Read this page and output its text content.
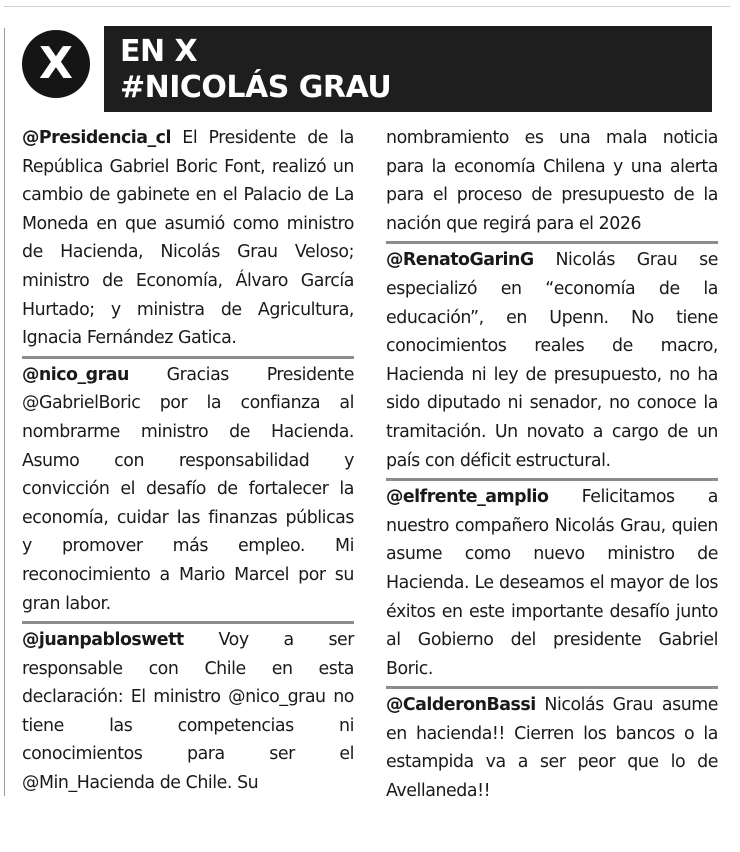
X	EN X
#NICOLÁS GRAU
@Presidencia_cl El Presidente de la República Gabriel Boric Font, realizó un cambio de gabinete en el Palacio de La Moneda en que asumió como ministro de Hacienda, Nicolás Grau Veloso; ministro de Economía, Álvaro García Hurtado; y ministra de Agricultura, Ignacia Fernández Gatica.
@nico_grau Gracias Presidente @GabrielBoric por la confianza al nombrarme ministro de Hacienda. Asumo con responsabilidad y convicción el desafío de fortalecer la economía, cuidar las finanzas públicas y promover más empleo. Mi reconocimiento a Mario Marcel por su gran labor.
@juanpabloswett Voy a ser responsable con Chile en esta declaración: El ministro @nico_grau no tiene las competencias ni conocimientos para ser el @Min_Hacienda de Chile. Su
nombramiento es una mala noticia para la economía Chilena y una alerta para el proceso de presupuesto de la nación que regirá para el 2026
@RenatoGarinG Nicolás Grau se especializó en “economía de la educación”, en Upenn. No tiene conocimientos reales de macro, Hacienda ni ley de presupuesto, no ha sido diputado ni senador, no conoce la tramitación. Un novato a cargo de un país con déficit estructural.
@elfrente_amplio Felicitamos a nuestro compañero Nicolás Grau, quien asume como nuevo ministro de Hacienda. Le deseamos el mayor de los éxitos en este importante desafío junto al Gobierno del presidente Gabriel Boric.
@CalderonBassi Nicolás Grau asume en hacienda!! Cierren los bancos o la estampida va a ser peor que lo de Avellaneda!!
